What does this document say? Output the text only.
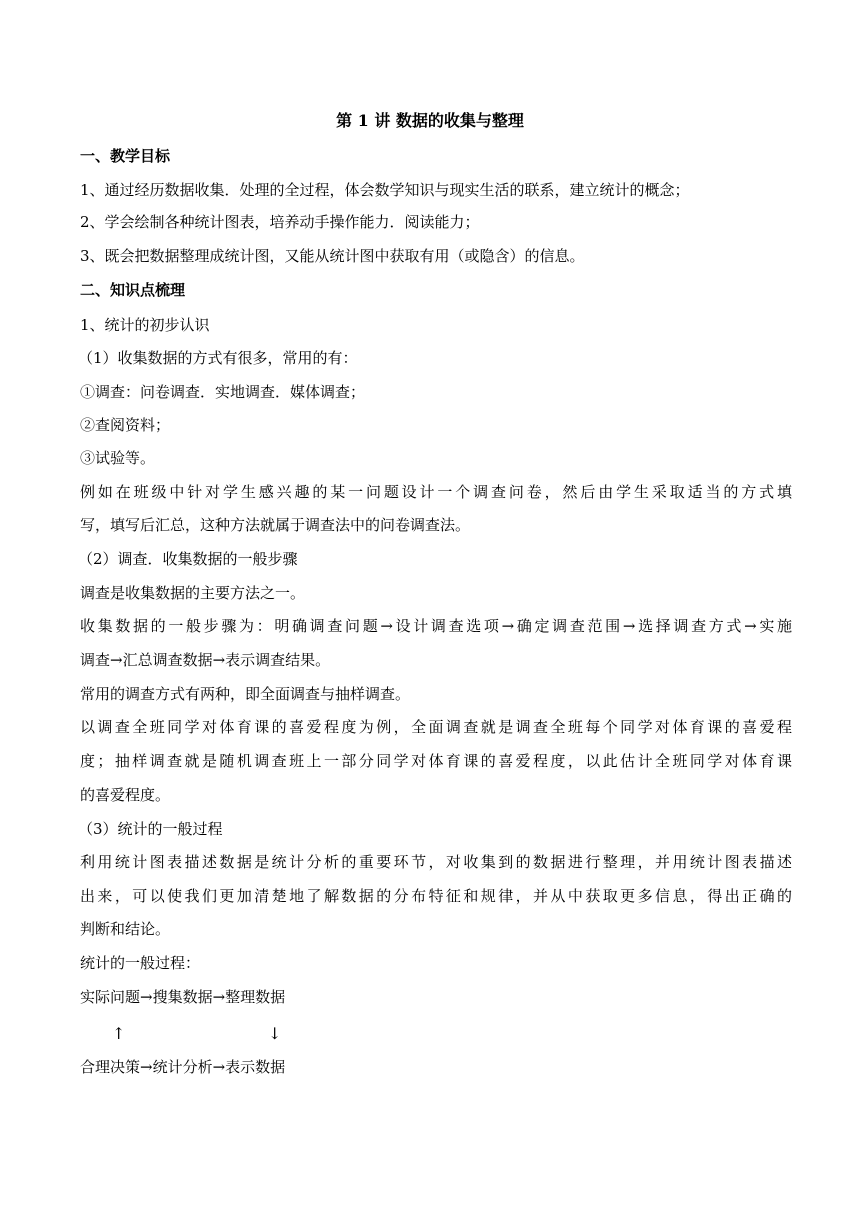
第 1 讲 数据的收集与整理
一、教学目标
1、通过经历数据收集．处理的全过程，体会数学知识与现实生活的联系，建立统计的概念；
2、学会绘制各种统计图表，培养动手操作能力．阅读能力；
3、既会把数据整理成统计图，又能从统计图中获取有用（或隐含）的信息。
二、知识点梳理
1、统计的初步认识
（1）收集数据的方式有很多，常用的有：
①调查：问卷调查．实地调查．媒体调查；
②查阅资料；
③试验等。
例如在班级中针对学生感兴趣的某一问题设计一个调查问卷，然后由学生采取适当的方式填
写，填写后汇总，这种方法就属于调查法中的问卷调查法。
（2）调查．收集数据的一般步骤
调查是收集数据的主要方法之一。
收集数据的一般步骤为：明确调查问题→设计调查选项→确定调查范围→选择调查方式→实施
调查→汇总调查数据→表示调查结果。
常用的调查方式有两种，即全面调查与抽样调查。
以调查全班同学对体育课的喜爱程度为例，全面调查就是调查全班每个同学对体育课的喜爱程
度；抽样调查就是随机调查班上一部分同学对体育课的喜爱程度，以此估计全班同学对体育课
的喜爱程度。
（3）统计的一般过程
利用统计图表描述数据是统计分析的重要环节，对收集到的数据进行整理，并用统计图表描述
出来，可以使我们更加清楚地了解数据的分布特征和规律，并从中获取更多信息，得出正确的
判断和结论。
统计的一般过程：
实际问题→搜集数据→整理数据
↑	↓
合理决策→统计分析→表示数据
